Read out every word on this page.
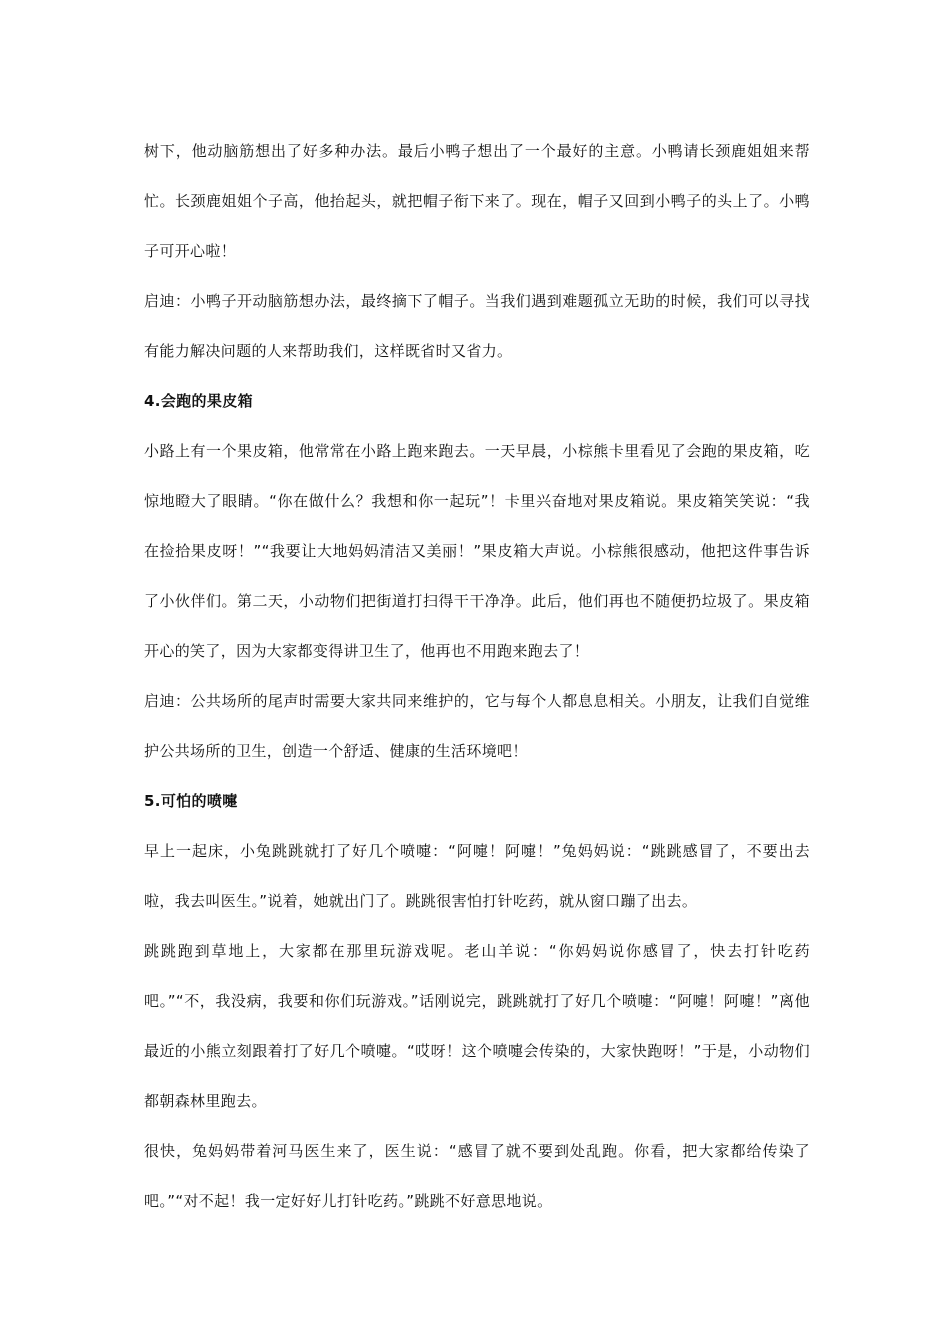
树下，他动脑筋想出了好多种办法。最后小鸭子想出了一个最好的主意。小鸭请长颈鹿姐姐来帮忙。长颈鹿姐姐个子高，他抬起头，就把帽子衔下来了。现在，帽子又回到小鸭子的头上了。小鸭子可开心啦！

启迪：小鸭子开动脑筋想办法，最终摘下了帽子。当我们遇到难题孤立无助的时候，我们可以寻找有能力解决问题的人来帮助我们，这样既省时又省力。

4.会跑的果皮箱

小路上有一个果皮箱，他常常在小路上跑来跑去。一天早晨，小棕熊卡里看见了会跑的果皮箱，吃惊地瞪大了眼睛。“你在做什么？我想和你一起玩”！卡里兴奋地对果皮箱说。果皮箱笑笑说：“我在捡拾果皮呀！”“我要让大地妈妈清洁又美丽！”果皮箱大声说。小棕熊很感动，他把这件事告诉了小伙伴们。第二天，小动物们把街道打扫得干干净净。此后，他们再也不随便扔垃圾了。果皮箱开心的笑了，因为大家都变得讲卫生了，他再也不用跑来跑去了！

启迪：公共场所的尾声时需要大家共同来维护的，它与每个人都息息相关。小朋友，让我们自觉维护公共场所的卫生，创造一个舒适、健康的生活环境吧！

5.可怕的喷嚏

早上一起床，小兔跳跳就打了好几个喷嚏：“阿嚏！阿嚏！”兔妈妈说：“跳跳感冒了，不要出去啦，我去叫医生。”说着，她就出门了。跳跳很害怕打针吃药，就从窗口蹦了出去。

跳跳跑到草地上，大家都在那里玩游戏呢。老山羊说：“你妈妈说你感冒了，快去打针吃药吧。”“不，我没病，我要和你们玩游戏。”话刚说完，跳跳就打了好几个喷嚏：“阿嚏！阿嚏！”离他最近的小熊立刻跟着打了好几个喷嚏。“哎呀！这个喷嚏会传染的，大家快跑呀！”于是，小动物们都朝森林里跑去。

很快，兔妈妈带着河马医生来了，医生说：“感冒了就不要到处乱跑。你看，把大家都给传染了吧。”“对不起！我一定好好儿打针吃药。”跳跳不好意思地说。
